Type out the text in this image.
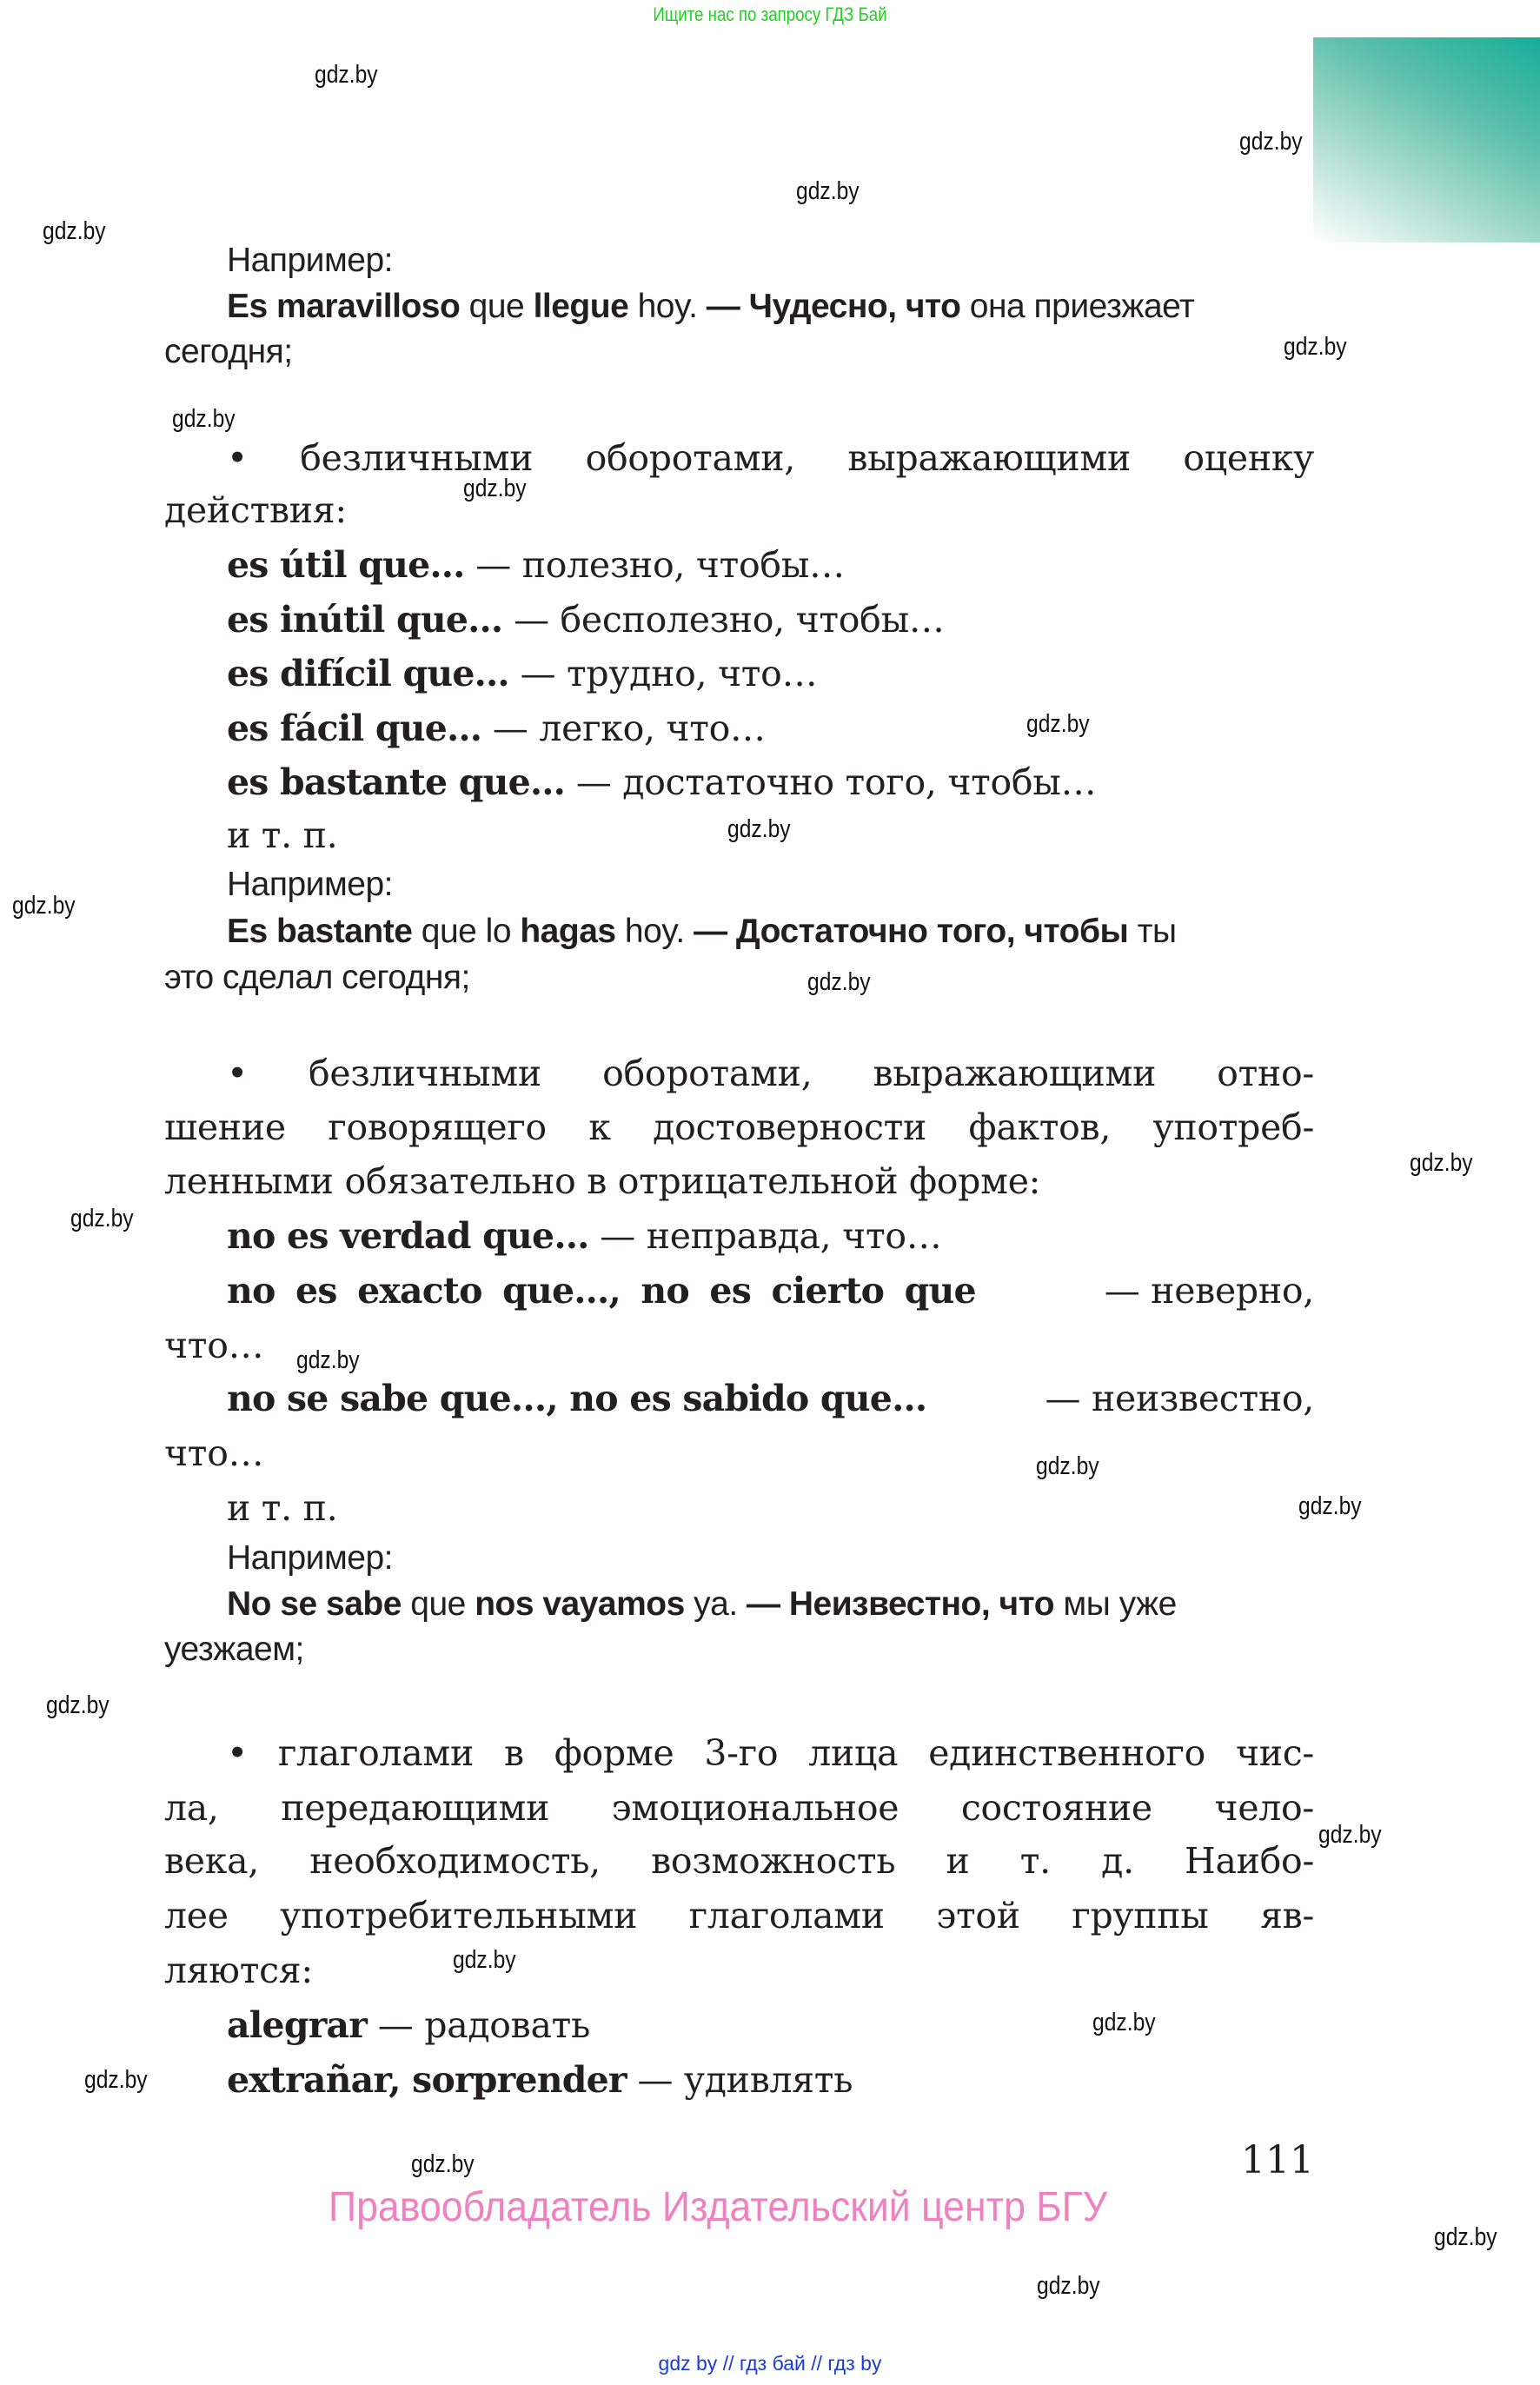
Ищите нас по запросу ГДЗ Бай
gdz.by
gdz.by
gdz.by
gdz.by
gdz.by
gdz.by
gdz.by
gdz.by
gdz.by
gdz.by
gdz.by
gdz.by
gdz.by
gdz.by
gdz.by
gdz.by
gdz.by
gdz.by
gdz.by
gdz.by
gdz.by
gdz.by
gdz.by
gdz.by
Например:
Es maravilloso que llegue hoy. — Чудесно, что она приезжает
сегодня;
• безличными оборотами, выражающими оценку
действия:
es útil que… — полезно, чтобы…
es inútil que… — бесполезно, чтобы…
es difícil que… — трудно, что…
es fácil que… — легко, что…
es bastante que… — достаточно того, чтобы…
и т. п.
Например:
Es bastante que lo hagas hoy. — Достаточно того, чтобы ты
это сделал сегодня;
• безличными оборотами, выражающими отно-
шение говорящего к достоверности фактов, употреб-
ленными обязательно в отрицательной форме:
no es verdad que… — неправда, что…
no es exacto que…, no es cierto que	— неверно,
что…
no se sabe que..., no es sabido que…	— неизвестно,
что…
и т. п.
Например:
No se sabe que nos vayamos ya. — Неизвестно, что мы уже
уезжаем;
• глаголами в форме 3-го лица единственного чис-
ла, передающими эмоциональное состояние чело-
века, необходимость, возможность и т. д. Наибо-
лее употребительными глаголами этой группы яв-
ляются:
alegrar — радовать
extrañar, sorprender — удивлять
111
Правообладатель Издательский центр БГУ
gdz by // гдз бай // гдз by
